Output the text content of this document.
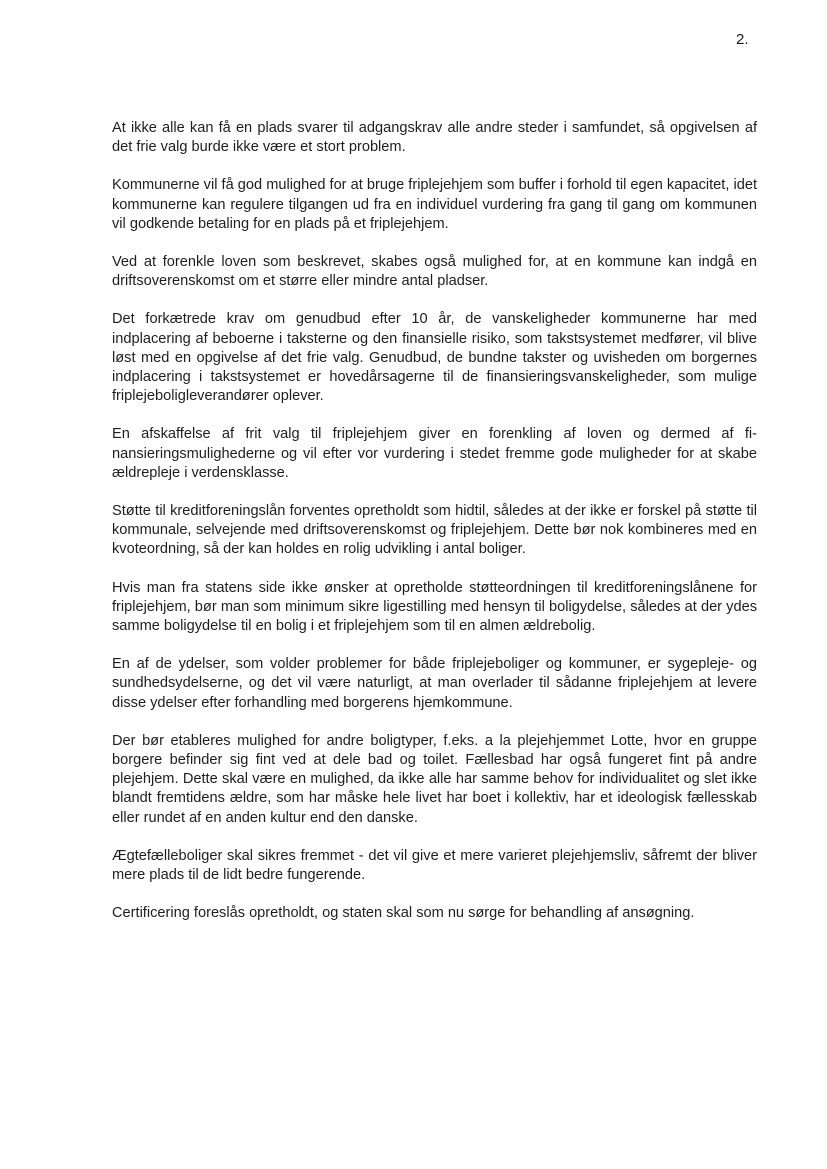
2.

At ikke alle kan få en plads svarer til adgangskrav alle andre steder i samfundet, så opgivelsen af det frie valg burde ikke være et stort problem.

Kommunerne vil få god mulighed for at bruge friplejehjem som buffer i forhold til egen kapacitet, idet kommunerne kan regulere tilgangen ud fra en individuel vurdering fra gang til gang om kommunen vil godkende betaling for en plads på et friplejehjem.

Ved at forenkle loven som beskrevet, skabes også mulighed for, at en kommune kan indgå en driftsoverenskomst om et større eller mindre antal pladser.

Det forkætrede krav om genudbud efter 10 år, de vanskeligheder kommunerne har med indplacering af beboerne i taksterne og den finansielle risiko, som takstsystemet medfører, vil blive løst med en opgivelse af det frie valg. Genudbud, de bundne takster og uvisheden om borgernes indplacering i takstsystemet er hovedårsagerne til de finansieringsvanskeligheder, som mulige friplejeboligleverandører oplever.

En afskaffelse af frit valg til friplejehjem giver en forenkling af loven og dermed af finansieringsmulighederne og vil efter vor vurdering i stedet fremme gode muligheder for at skabe ældrepleje i verdensklasse.

Støtte til kreditforeningslån forventes opretholdt som hidtil, således at der ikke er forskel på støtte til kommunale, selvejende med driftsoverenskomst og friplejehjem. Dette bør nok kombineres med en kvoteordning, så der kan holdes en rolig udvikling i antal boliger.

Hvis man fra statens side ikke ønsker at opretholde støtteordningen til kreditforeningslånene for friplejehjem, bør man som minimum sikre ligestilling med hensyn til boligydelse, således at der ydes samme boligydelse til en bolig i et friplejehjem som til en almen ældrebolig.

En af de ydelser, som volder problemer for både friplejeboliger og kommuner, er sygepleje- og sundhedsydelserne, og det vil være naturligt, at man overlader til sådanne friplejehjem at levere disse ydelser efter forhandling med borgerens hjemkommune.

Der bør etableres mulighed for andre boligtyper, f.eks. a la plejehjemmet Lotte, hvor en gruppe borgere befinder sig fint ved at dele bad og toilet. Fællesbad har også fungeret fint på andre plejehjem. Dette skal være en mulighed, da ikke alle har samme behov for individualitet og slet ikke blandt fremtidens ældre, som har måske hele livet har boet i kollektiv, har et ideologisk fællesskab eller rundet af en anden kultur end den danske.

Ægtefælleboliger skal sikres fremmet - det vil give et mere varieret plejehjemsliv, såfremt der bliver mere plads til de lidt bedre fungerende.

Certificering foreslås opretholdt, og staten skal som nu sørge for behandling af ansøgning.
